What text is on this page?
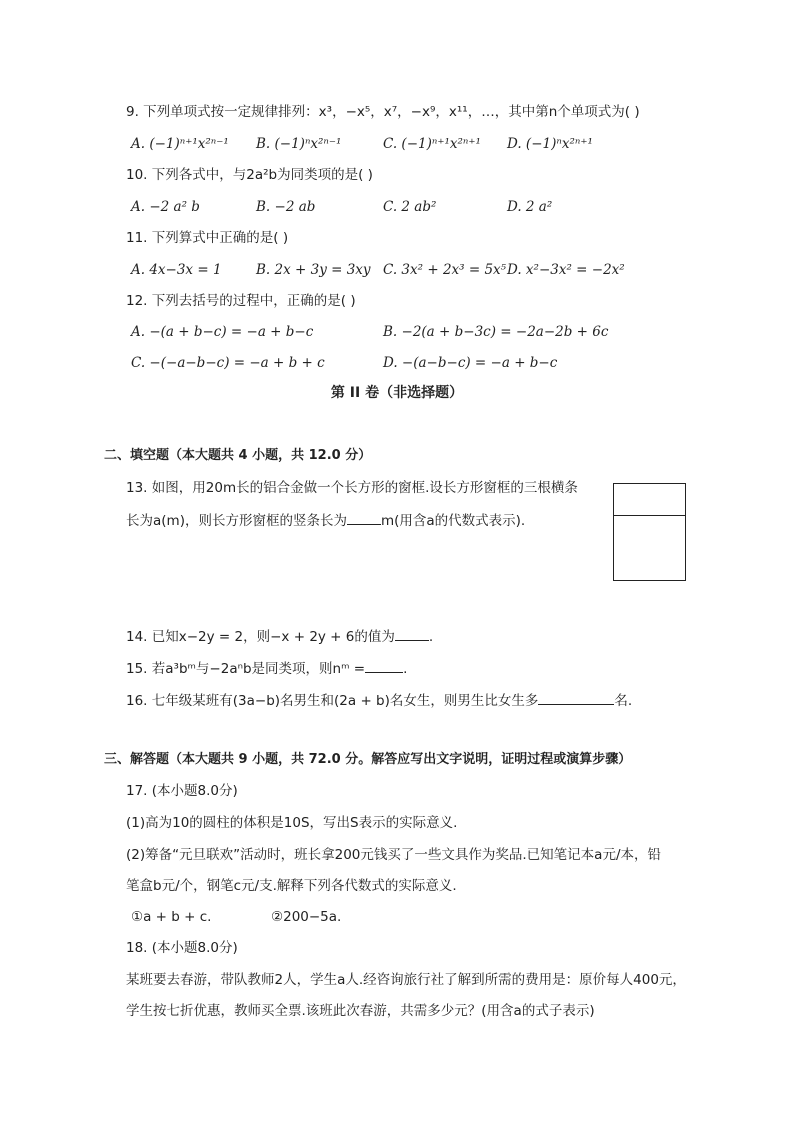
9. 下列单项式按一定规律排列：x³，−x⁵，x⁷，−x⁹，x¹¹，…，其中第n个单项式为( )
A. (−1)ⁿ⁺¹x²ⁿ⁻¹ B. (−1)ⁿx²ⁿ⁻¹	C. (−1)ⁿ⁺¹x²ⁿ⁺¹ D. (−1)ⁿx²ⁿ⁺¹
10. 下列各式中，与2a²b为同类项的是( )
A. −2 a² b	B. −2 ab	C. 2 ab²	D. 2 a²
11. 下列算式中正确的是( )
A. 4x−3x = 1	B. 2x + 3y = 3xy C. 3x² + 2x³ = 5x⁵ D. x²−3x² = −2x²
12. 下列去括号的过程中，正确的是( )
A. −(a + b−c) = −a + b−c	B. −2(a + b−3c) = −2a−2b + 6c
C. −(−a−b−c) = −a + b + c	D. −(a−b−c) = −a + b−c
第 II 卷（非选择题）
二、填空题（本大题共 4 小题，共 12.0 分）
13. 如图，用20m长的铝合金做一个长方形的窗框.设长方形窗框的三根横条
长为a(m)，则长方形窗框的竖条长为	m(用含a的代数式表示).
14. 已知x−2y = 2，则−x + 2y + 6的值为	.
15. 若a³bᵐ与−2aⁿb是同类项，则nᵐ =	.
16. 七年级某班有(3a−b)名男生和(2a + b)名女生，则男生比女生多	名.
三、解答题（本大题共 9 小题，共 72.0 分。解答应写出文字说明，证明过程或演算步骤）
17. (本小题8.0分)
(1)高为10的圆柱的体积是10S，写出S表示的实际意义.
(2)筹备“元旦联欢”活动时，班长拿200元钱买了一些文具作为奖品.已知笔记本a元/本，铅
笔盒b元/个，钢笔c元/支.解释下列各代数式的实际意义.
①a + b + c.	②200−5a.
18. (本小题8.0分)
某班要去春游，带队教师2人，学生a人.经咨询旅行社了解到所需的费用是：原价每人400元，
学生按七折优惠，教师买全票.该班此次春游，共需多少元？(用含a的式子表示)
